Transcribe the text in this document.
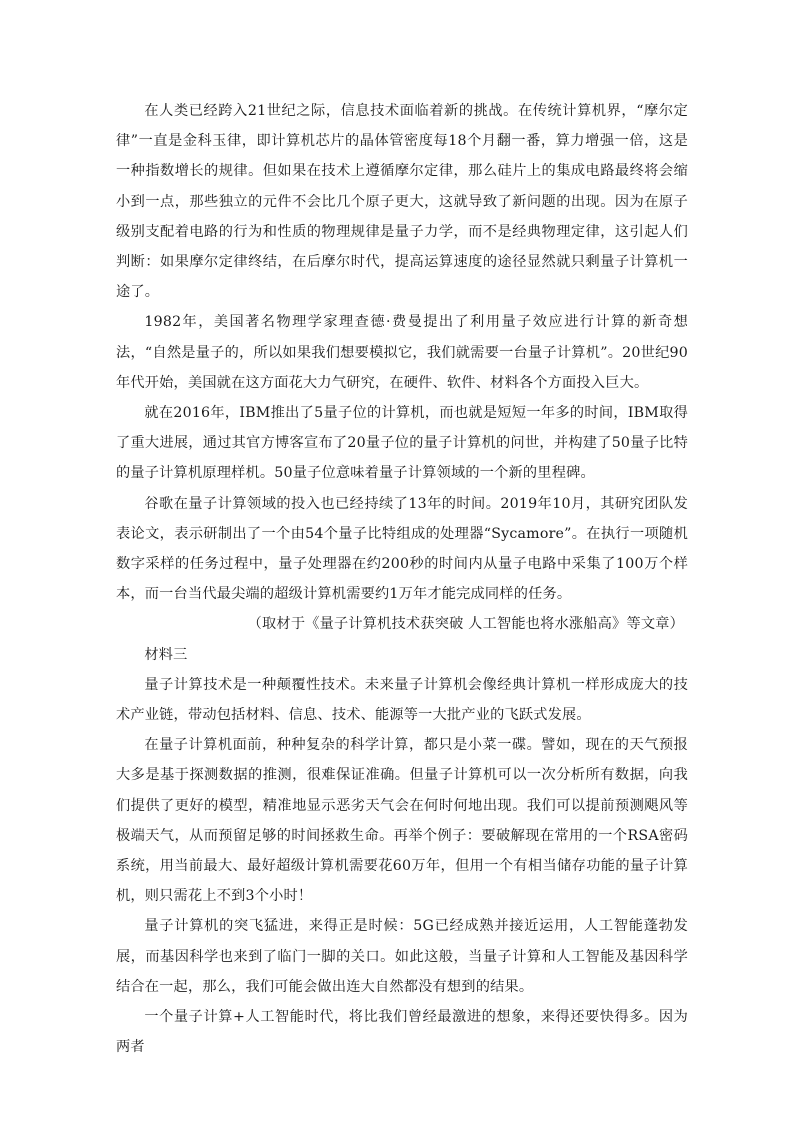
在人类已经跨入21世纪之际，信息技术面临着新的挑战。在传统计算机界，“摩尔定律”一直是金科玉律，即计算机芯片的晶体管密度每18个月翻一番，算力增强一倍，这是一种指数增长的规律。但如果在技术上遵循摩尔定律，那么硅片上的集成电路最终将会缩小到一点，那些独立的元件不会比几个原子更大，这就导致了新问题的出现。因为在原子级别支配着电路的行为和性质的物理规律是量子力学，而不是经典物理定律，这引起人们判断：如果摩尔定律终结，在后摩尔时代，提高运算速度的途径显然就只剩量子计算机一途了。

1982年，美国著名物理学家理查德·费曼提出了利用量子效应进行计算的新奇想法，“自然是量子的，所以如果我们想要模拟它，我们就需要一台量子计算机”。20世纪90年代开始，美国就在这方面花大力气研究，在硬件、软件、材料各个方面投入巨大。

就在2016年，IBM推出了5量子位的计算机，而也就是短短一年多的时间，IBM取得了重大进展，通过其官方博客宣布了20量子位的量子计算机的问世，并构建了50量子比特的量子计算机原理样机。50量子位意味着量子计算领域的一个新的里程碑。

谷歌在量子计算领域的投入也已经持续了13年的时间。2019年10月，其研究团队发表论文，表示研制出了一个由54个量子比特组成的处理器“Sycamore”。在执行一项随机数字采样的任务过程中，量子处理器在约200秒的时间内从量子电路中采集了100万个样本，而一台当代最尖端的超级计算机需要约1万年才能完成同样的任务。

（取材于《量子计算机技术获突破 人工智能也将水涨船高》等文章）

材料三

量子计算技术是一种颠覆性技术。未来量子计算机会像经典计算机一样形成庞大的技术产业链，带动包括材料、信息、技术、能源等一大批产业的飞跃式发展。

在量子计算机面前，种种复杂的科学计算，都只是小菜一碟。譬如，现在的天气预报大多是基于探测数据的推测，很难保证准确。但量子计算机可以一次分析所有数据，向我们提供了更好的模型，精准地显示恶劣天气会在何时何地出现。我们可以提前预测飓风等极端天气，从而预留足够的时间拯救生命。再举个例子：要破解现在常用的一个RSA密码系统，用当前最大、最好超级计算机需要花60万年，但用一个有相当储存功能的量子计算机，则只需花上不到3个小时！

量子计算机的突飞猛进，来得正是时候：5G已经成熟并接近运用，人工智能蓬勃发展，而基因科学也来到了临门一脚的关口。如此这般，当量子计算和人工智能及基因科学结合在一起，那么，我们可能会做出连大自然都没有想到的结果。

一个量子计算+人工智能时代，将比我们曾经最激进的想象，来得还要快得多。因为两者
